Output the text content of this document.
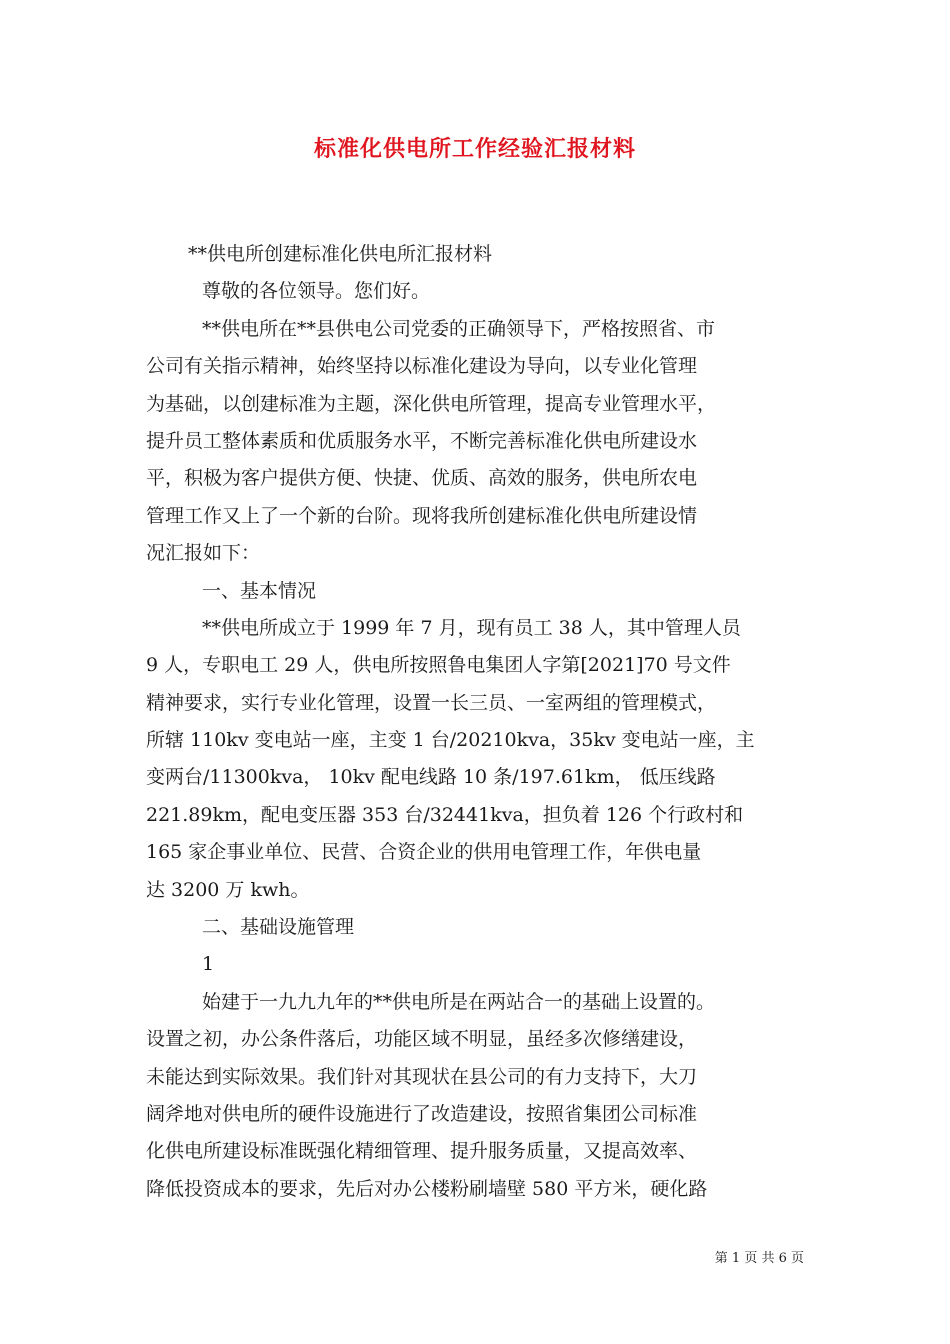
标准化供电所工作经验汇报材料
**供电所创建标准化供电所汇报材料
尊敬的各位领导。您们好。
**供电所在**县供电公司党委的正确领导下，严格按照省、市
公司有关指示精神，始终坚持以标准化建设为导向，以专业化管理
为基础，以创建标准为主题，深化供电所管理，提高专业管理水平，
提升员工整体素质和优质服务水平，不断完善标准化供电所建设水
平，积极为客户提供方便、快捷、优质、高效的服务，供电所农电
管理工作又上了一个新的台阶。现将我所创建标准化供电所建设情
况汇报如下：
一、基本情况
**供电所成立于 1999 年 7 月，现有员工 38 人，其中管理人员
9 人，专职电工 29 人，供电所按照鲁电集团人字第[2021]70 号文件
精神要求，实行专业化管理，设置一长三员、一室两组的管理模式，
所辖 110kv 变电站一座，主变 1 台/20210kva，35kv 变电站一座，主
变两台/11300kva， 10kv 配电线路 10 条/197.61km， 低压线路
221.89km，配电变压器 353 台/32441kva，担负着 126 个行政村和
165 家企事业单位、民营、合资企业的供用电管理工作，年供电量
达 3200 万 kwh。
二、基础设施管理
1
始建于一九九九年的**供电所是在两站合一的基础上设置的。
设置之初，办公条件落后，功能区域不明显，虽经多次修缮建设，
未能达到实际效果。我们针对其现状在县公司的有力支持下，大刀
阔斧地对供电所的硬件设施进行了改造建设，按照省集团公司标准
化供电所建设标准既强化精细管理、提升服务质量，又提高效率、
降低投资成本的要求，先后对办公楼粉刷墙壁 580 平方米，硬化路
第 1 页 共 6 页
